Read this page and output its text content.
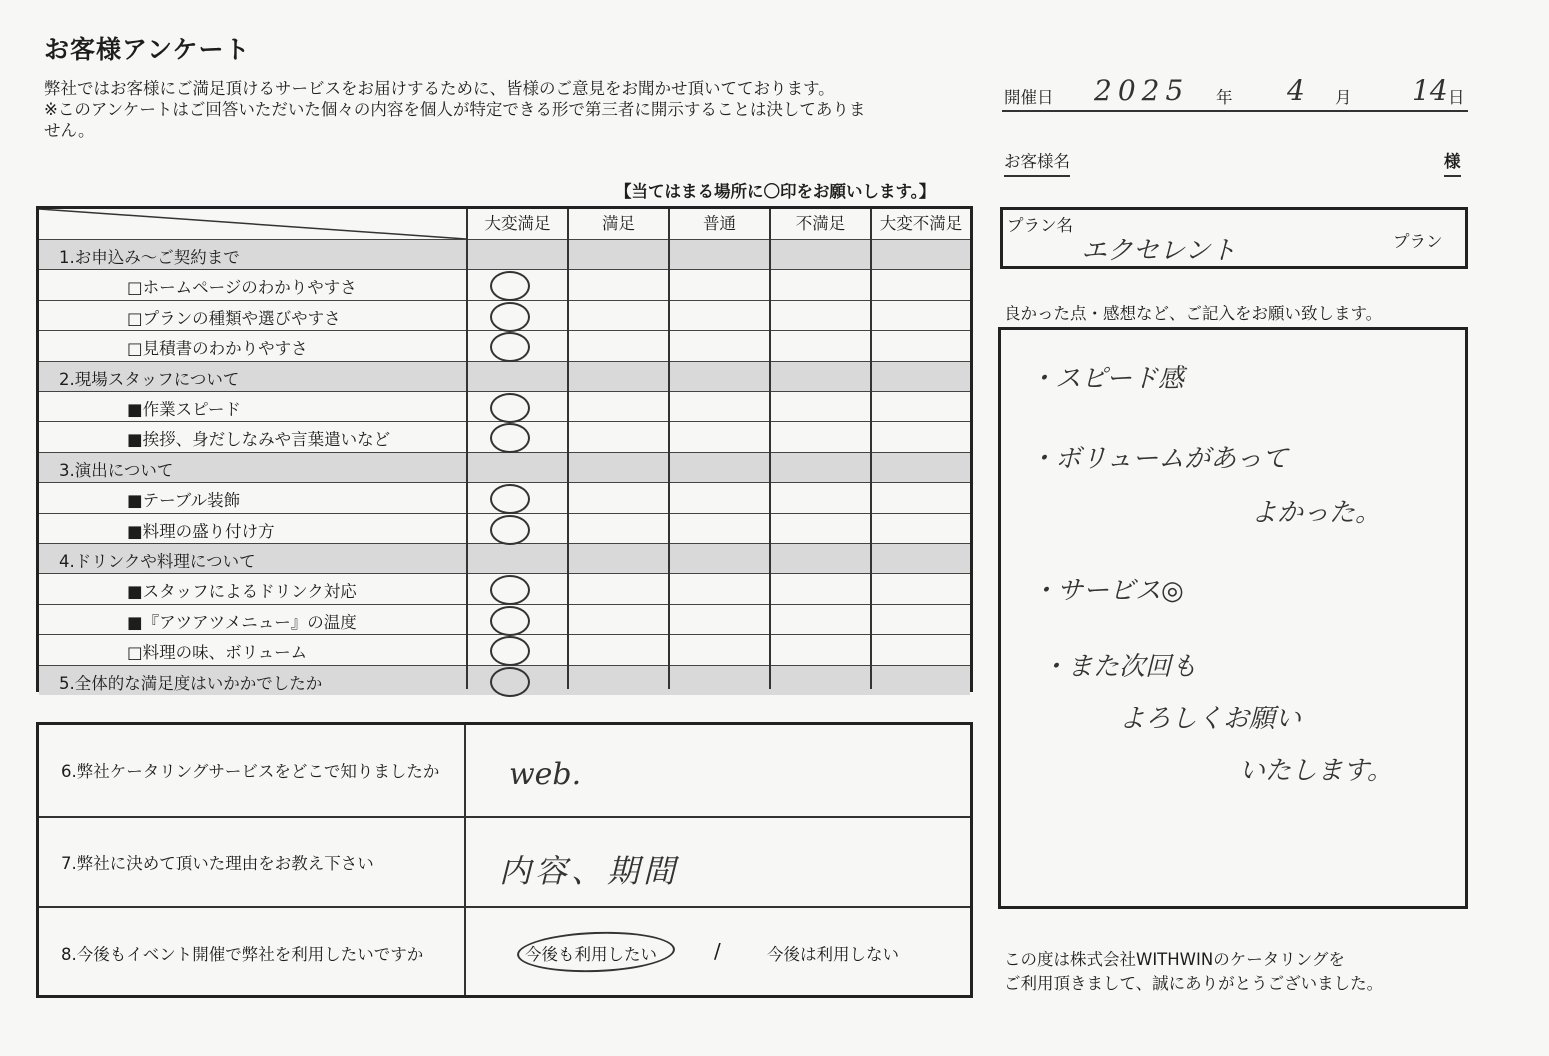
お客様アンケート
弊社ではお客様にご満足頂けるサービスをお届けするために、皆様のご意見をお聞かせ頂いてております。
※このアンケートはご回答いただいた個々の内容を個人が特定できる形で第三者に開示することは決してありま
せん。
【当てはまる場所に〇印をお願いします。】
大変満足	満足	普通	不満足	大変不満足
1.お申込み～ご契約まで
□ホームページのわかりやすさ
□プランの種類や選びやすさ
□見積書のわかりやすさ
2.現場スタッフについて
■作業スピード
■挨拶、身だしなみや言葉遣いなど
3.演出について
■テーブル装飾
■料理の盛り付け方
4.ドリンクや料理について
■スタッフによるドリンク対応
■『アツアツメニュー』の温度
□料理の味、ボリューム
5.全体的な満足度はいかかでしたか
6.弊社ケータリングサービスをどこで知りましたか web.
7.弊社に決めて頂いた理由をお教え下さい	内容、期間
8.今後もイベント開催で弊社を利用したいですか	今後も利用したい	/	今後は利用しない
開催日 2025 年 4 月 14 日
お客様名	様
プラン名
エクセレント	プラン
良かった点・感想など、ご記入をお願い致します。
・スピード感
・ボリュームがあって
よかった。
・サービス◎
・また次回も
よろしくお願い
いたします。
この度は株式会社WITHWINのケータリングを
ご利用頂きまして、誠にありがとうございました。
